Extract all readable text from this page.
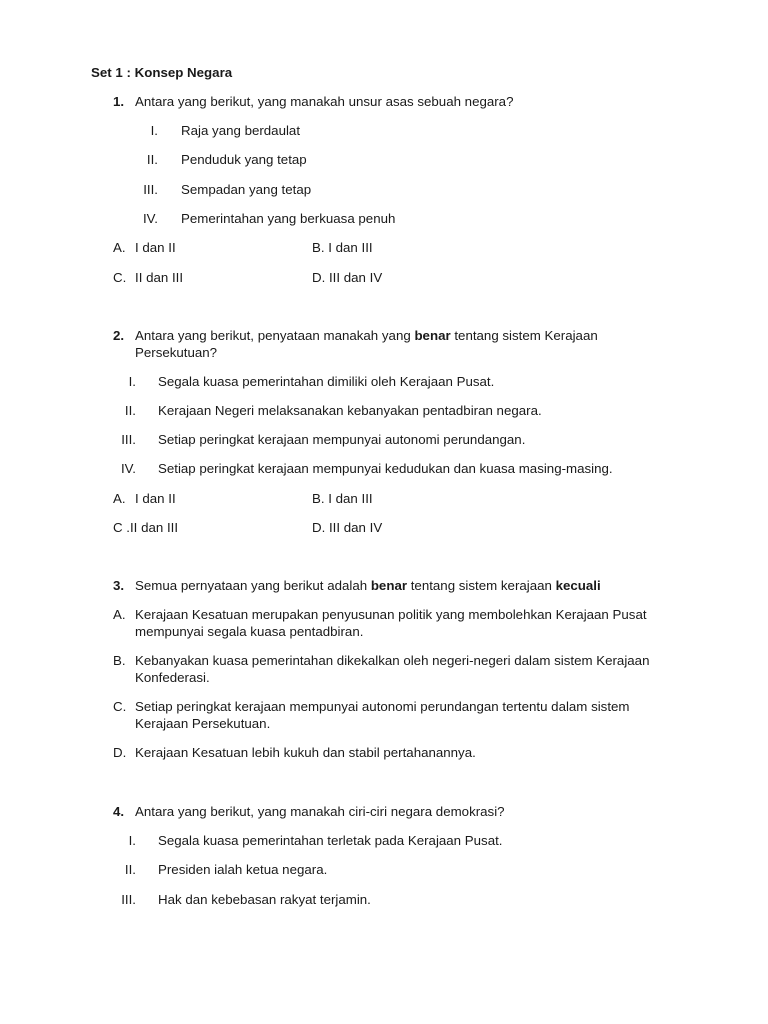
Set 1 : Konsep Negara
1. Antara yang berikut, yang manakah unsur asas sebuah negara?
I. Raja yang berdaulat
II. Penduduk yang tetap
III. Sempadan yang tetap
IV. Pemerintahan yang berkuasa penuh
A. I dan II	B. I dan III
C. II dan III	D. III dan IV
2. Antara yang berikut, penyataan manakah yang benar tentang sistem Kerajaan
Persekutuan?
I. Segala kuasa pemerintahan dimiliki oleh Kerajaan Pusat.
II. Kerajaan Negeri melaksanakan kebanyakan pentadbiran negara.
III. Setiap peringkat kerajaan mempunyai autonomi perundangan.
IV. Setiap peringkat kerajaan mempunyai kedudukan dan kuasa masing-masing.
A. I dan II	B. I dan III
C .II dan III	D. III dan IV
3. Semua pernyataan yang berikut adalah benar tentang sistem kerajaan kecuali
A. Kerajaan Kesatuan merupakan penyusunan politik yang membolehkan Kerajaan Pusat
mempunyai segala kuasa pentadbiran.
B. Kebanyakan kuasa pemerintahan dikekalkan oleh negeri-negeri dalam sistem Kerajaan
Konfederasi.
C. Setiap peringkat kerajaan mempunyai autonomi perundangan tertentu dalam sistem
Kerajaan Persekutuan.
D. Kerajaan Kesatuan lebih kukuh dan stabil pertahanannya.
4. Antara yang berikut, yang manakah ciri-ciri negara demokrasi?
I. Segala kuasa pemerintahan terletak pada Kerajaan Pusat.
II. Presiden ialah ketua negara.
III. Hak dan kebebasan rakyat terjamin.
